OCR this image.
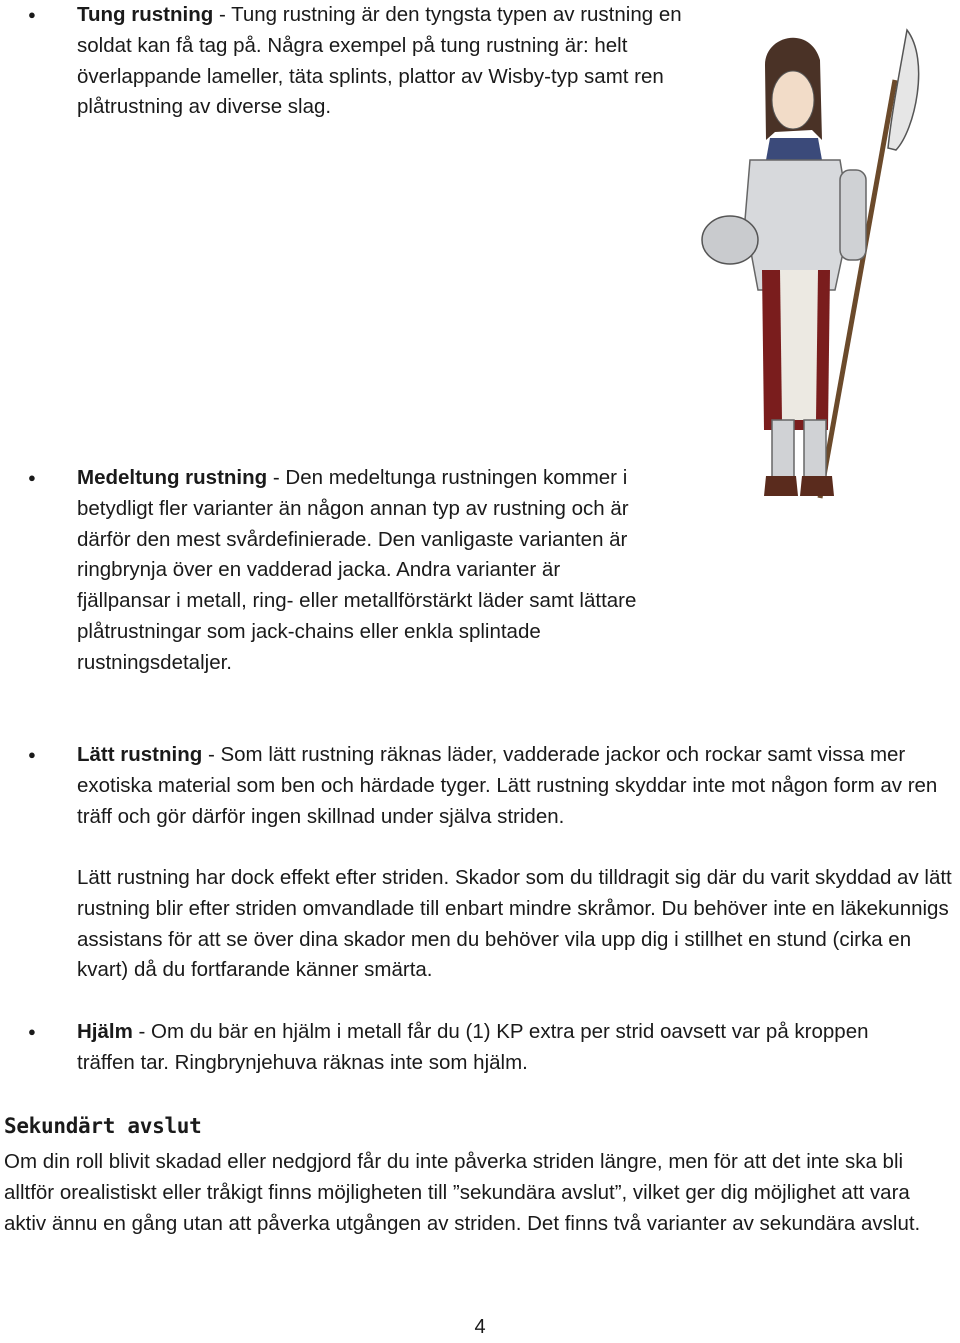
● Tung rustning - Tung rustning är den tyngsta typen av rustning en soldat kan få tag på. Några exempel på tung rustning är: helt överlappande lameller, täta splints, plattor av Wisby-typ samt ren plåtrustning av diverse slag.

● Medeltung rustning - Den medeltunga rustningen kommer i betydligt fler varianter än någon annan typ av rustning och är därför den mest svårdefinierade. Den vanligaste varianten är ringbrynja över en vadderad jacka. Andra varianter är fjällpansar i metall, ring- eller metallförstärkt läder samt lättare plåtrustningar som jack-chains eller enkla splintade rustningsdetaljer.

● Lätt rustning - Som lätt rustning räknas läder, vadderade jackor och rockar samt vissa mer exotiska material som ben och härdade tyger. Lätt rustning skyddar inte mot någon form av ren träff och gör därför ingen skillnad under själva striden.

Lätt rustning har dock effekt efter striden. Skador som du tilldragit sig där du varit skyddad av lätt rustning blir efter striden omvandlade till enbart mindre skråmor. Du behöver inte en läkekunnigs assistans för att se över dina skador men du behöver vila upp dig i stillhet en stund (cirka en kvart) då du fortfarande känner smärta.

● Hjälm - Om du bär en hjälm i metall får du (1) KP extra per strid oavsett var på kroppen träffen tar. Ringbrynjehuva räknas inte som hjälm.

Sekundärt avslut

Om din roll blivit skadad eller nedgjord får du inte påverka striden längre, men för att det inte ska bli alltför orealistiskt eller tråkigt finns möjligheten till ”sekundära avslut”, vilket ger dig möjlighet att vara aktiv ännu en gång utan att påverka utgången av striden. Det finns två varianter av sekundära avslut.

4
